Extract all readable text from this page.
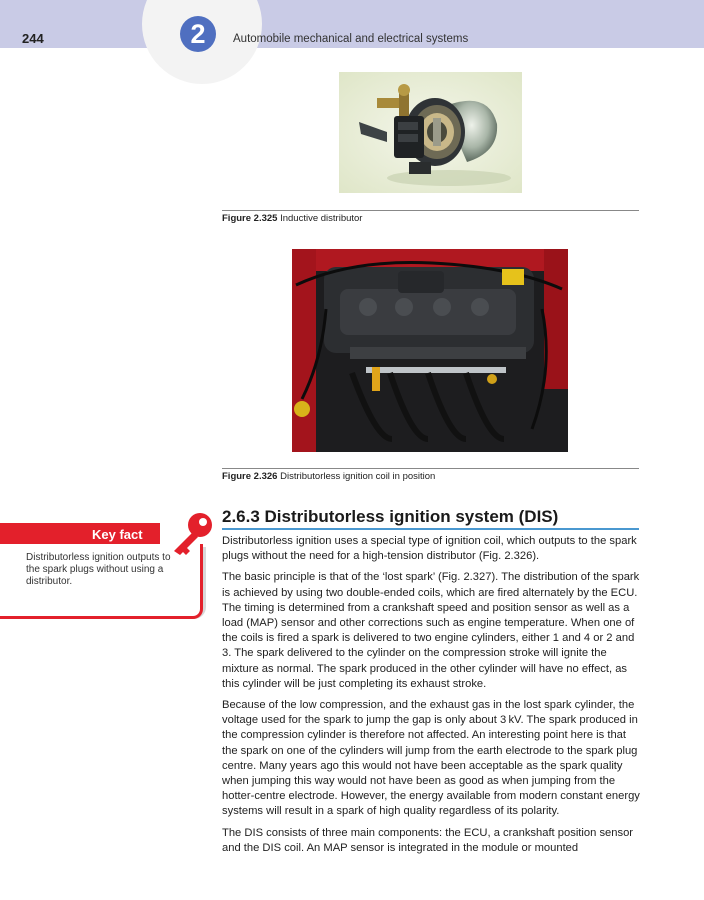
244	2	Automobile mechanical and electrical systems
Figure 2.325 Inductive distributor
Figure 2.326 Distributorless ignition coil in position
Key fact
Distributorless ignition outputs to the spark plugs without using a distributor.
2.6.3 Distributorless ignition system (DIS)

Distributorless ignition uses a special type of ignition coil, which outputs to the spark plugs without the need for a high-tension distributor (Fig. 2.326).

The basic principle is that of the ‘lost spark’ (Fig. 2.327). The distribution of the spark is achieved by using two double-ended coils, which are fired alternately by the ECU. The timing is determined from a crankshaft speed and position sensor as well as a load (MAP) sensor and other corrections such as engine temperature. When one of the coils is fired a spark is delivered to two engine cylinders, either 1 and 4 or 2 and 3. The spark delivered to the cylinder on the compression stroke will ignite the mixture as normal. The spark produced in the other cylinder will have no effect, as this cylinder will be just completing its exhaust stroke.

Because of the low compression, and the exhaust gas in the lost spark cylinder, the voltage used for the spark to jump the gap is only about 3 kV. The spark produced in the compression cylinder is therefore not affected. An interesting point here is that the spark on one of the cylinders will jump from the earth electrode to the spark plug centre. Many years ago this would not have been acceptable as the spark quality when jumping this way would not have been as good as when jumping from the hotter-centre electrode. However, the energy available from modern constant energy systems will result in a spark of high quality regardless of its polarity.

The DIS consists of three main components: the ECU, a crankshaft position sensor and the DIS coil. An MAP sensor is integrated in the module or mounted
